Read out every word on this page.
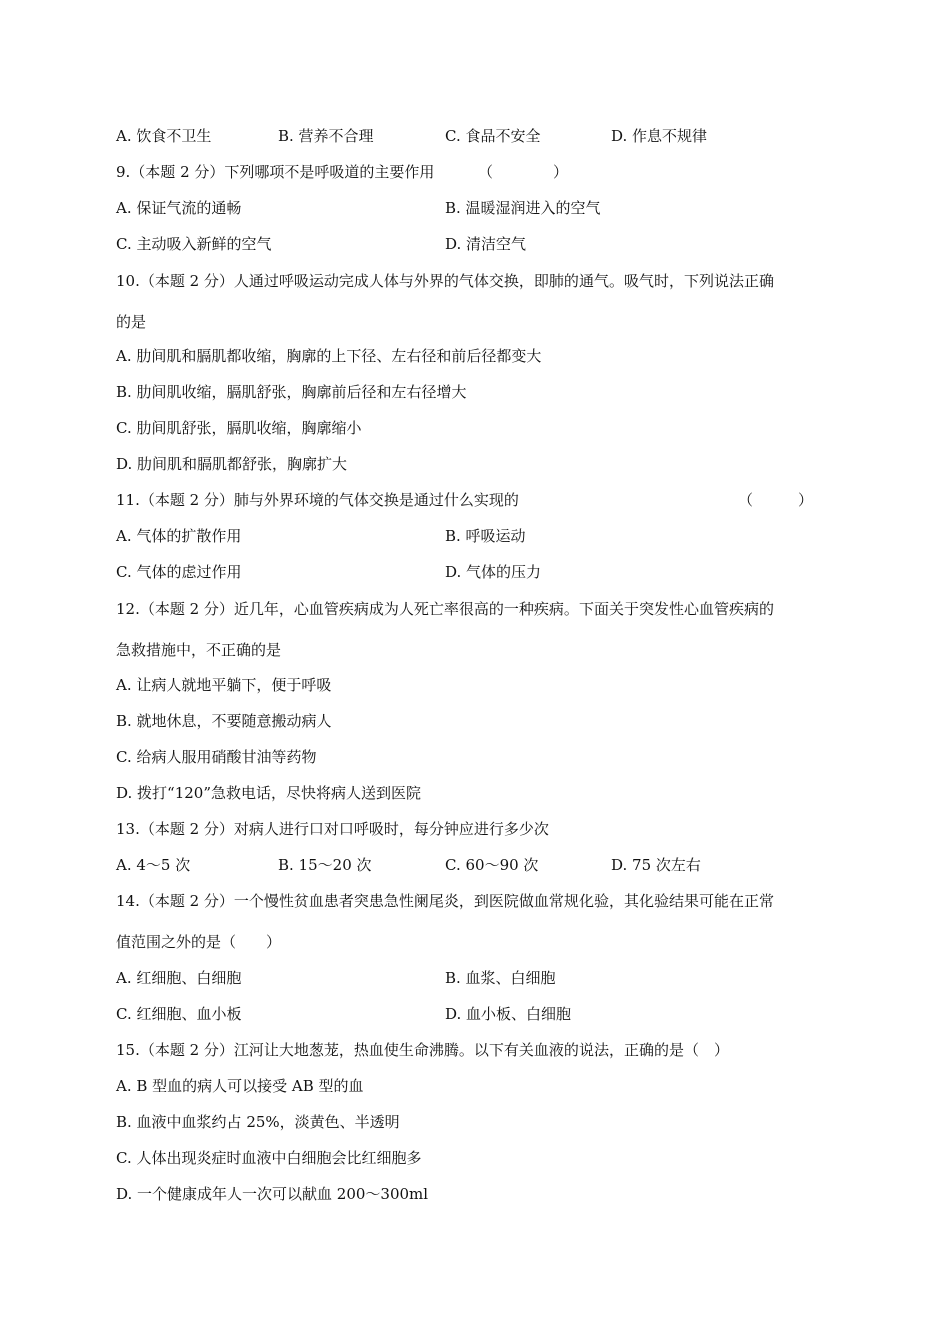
A. 饮食不卫生	B. 营养不合理	C. 食品不安全	D. 作息不规律
9.（本题 2 分）下列哪项不是呼吸道的主要作用	（　　　　）
A. 保证气流的通畅	B. 温暖湿润进入的空气
C. 主动吸入新鲜的空气	D. 清洁空气
10.（本题 2 分）人通过呼吸运动完成人体与外界的气体交换，即肺的通气。吸气时，下列说法正确
的是
A. 肋间肌和膈肌都收缩，胸廓的上下径、左右径和前后径都变大
B. 肋间肌收缩，膈肌舒张，胸廓前后径和左右径增大
C. 肋间肌舒张，膈肌收缩，胸廓缩小
D. 肋间肌和膈肌都舒张，胸廓扩大
11.（本题 2 分）肺与外界环境的气体交换是通过什么实现的	（　　　）
A. 气体的扩散作用	B. 呼吸运动
C. 气体的虑过作用	D. 气体的压力
12.（本题 2 分）近几年，心血管疾病成为人死亡率很高的一种疾病。下面关于突发性心血管疾病的
急救措施中，不正确的是
A. 让病人就地平躺下，便于呼吸
B. 就地休息，不要随意搬动病人
C. 给病人服用硝酸甘油等药物
D. 拨打“120”急救电话，尽快将病人送到医院
13.（本题 2 分）对病人进行口对口呼吸时，每分钟应进行多少次
A. 4～5 次	B. 15～20 次	C. 60～90 次	D. 75 次左右
14.（本题 2 分）一个慢性贫血患者突患急性阑尾炎，到医院做血常规化验，其化验结果可能在正常
值范围之外的是（　　）
A. 红细胞、白细胞	B. 血浆、白细胞
C. 红细胞、血小板	D. 血小板、白细胞
15.（本题 2 分）江河让大地葱茏，热血使生命沸腾。以下有关血液的说法，正确的是（　）
A. B 型血的病人可以接受 AB 型的血
B. 血液中血浆约占 25%，淡黄色、半透明
C. 人体出现炎症时血液中白细胞会比红细胞多
D. 一个健康成年人一次可以献血 200～300ml
